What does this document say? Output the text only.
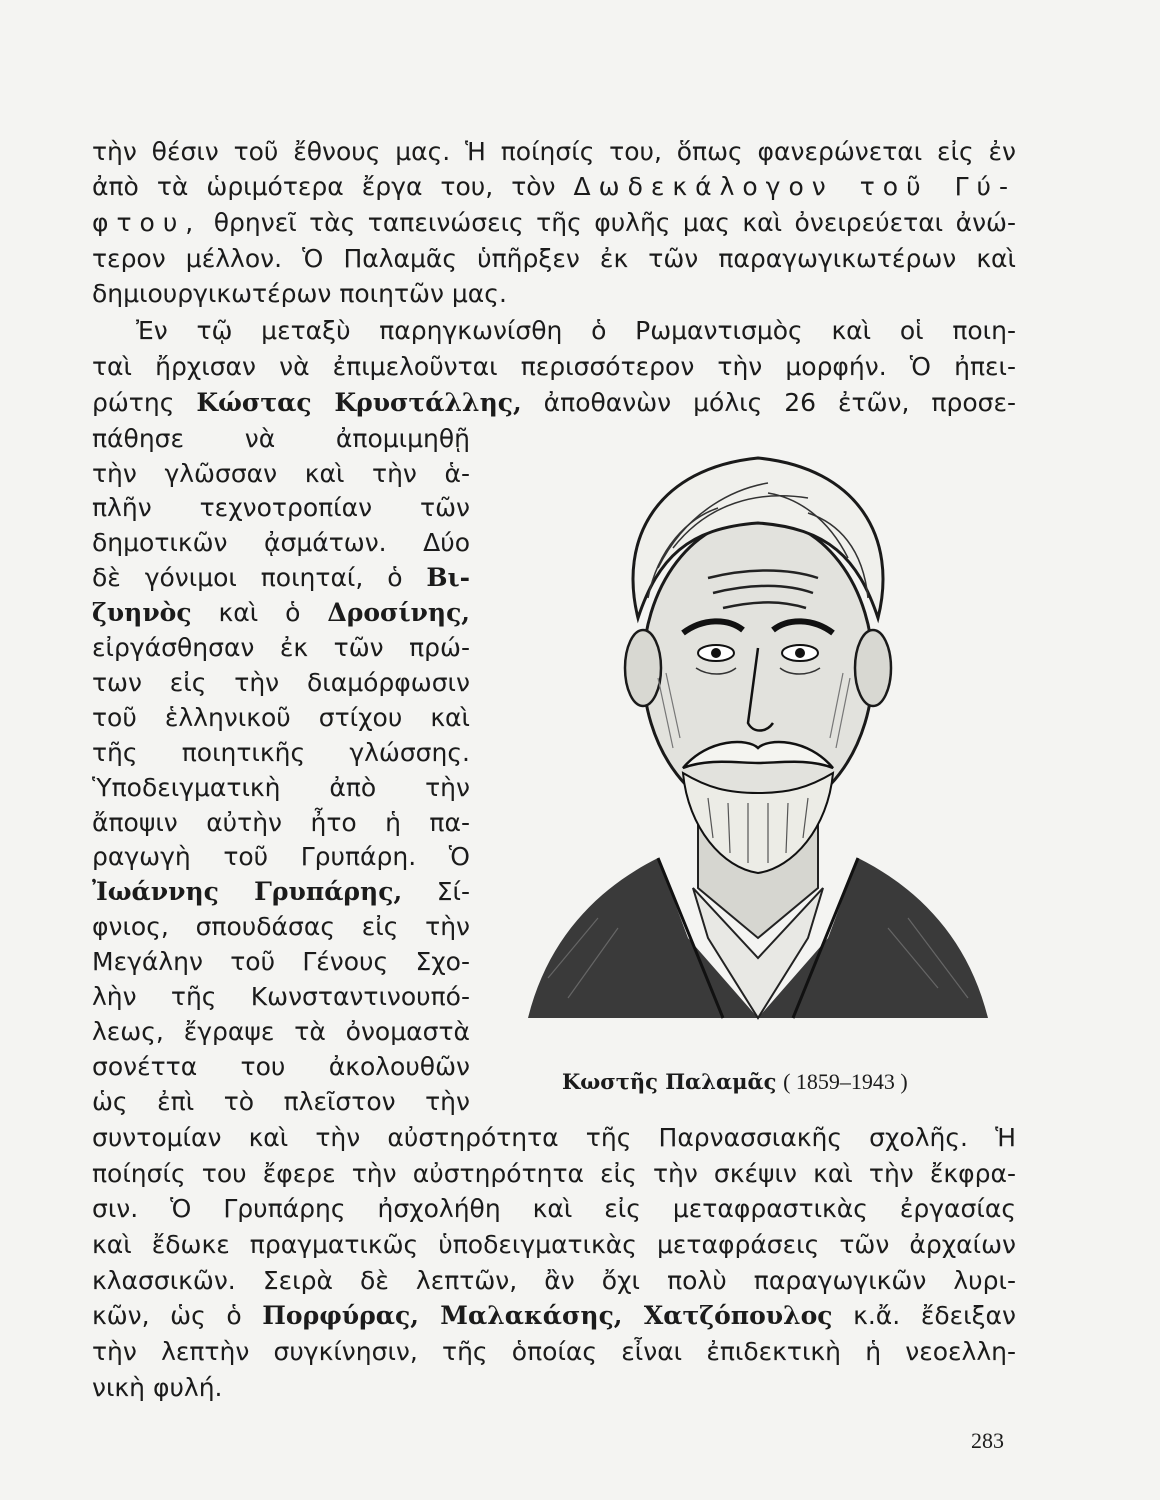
τὴν θέσιν τοῦ ἔθνους μας. Ἡ ποίησίς του, ὅπως φανερώνεται εἰς ἐν
ἀπὸ τὰ ὡριμότερα ἔργα του, τὸν Δωδεκάλογον τοῦ Γύ-
φτου, θρηνεῖ τὰς ταπεινώσεις τῆς φυλῆς μας καὶ ὀνειρεύεται ἀνώ-
τερον μέλλον. Ὁ Παλαμᾶς ὑπῆρξεν ἐκ τῶν παραγωγικωτέρων καὶ
δημιουργικωτέρων ποιητῶν μας.
Ἐν τῷ μεταξὺ παρηγκωνίσθη ὁ Ρωμαντισμὸς καὶ οἱ ποιη-
ταὶ ἤρχισαν νὰ ἐπιμελοῦνται περισσότερον τὴν μορφήν. Ὁ ἠπει-
ρώτης Κώστας Κρυστάλλης, ἀποθανὼν μόλις 26 ἐτῶν, προσε-
πάθησε νὰ ἀπομιμηθῇ
τὴν γλῶσσαν καὶ τὴν ἁ-
πλῆν τεχνοτροπίαν τῶν
δημοτικῶν ᾀσμάτων. Δύο
δὲ γόνιμοι ποιηταί, ὁ Βι-
ζυηνὸς καὶ ὁ Δροσίνης,
εἰργάσθησαν ἐκ τῶν πρώ-
των εἰς τὴν διαμόρφωσιν
τοῦ ἑλληνικοῦ στίχου καὶ
τῆς ποιητικῆς γλώσσης.
Ὑποδειγματικὴ ἀπὸ τὴν
ἄποψιν αὐτὴν ἦτο ἡ πα-
ραγωγὴ τοῦ Γρυπάρη. Ὁ
Ἰωάννης Γρυπάρης, Σί-
φνιος, σπουδάσας εἰς τὴν
Μεγάλην τοῦ Γένους Σχο-
λὴν τῆς Κωνσταντινουπό-
λεως, ἔγραψε τὰ ὀνομαστὰ
σονέττα του ἀκολουθῶν
ὡς ἐπὶ τὸ πλεῖστον τὴν
συντομίαν καὶ τὴν αὐστηρότητα τῆς Παρνασσιακῆς σχολῆς. Ἡ
ποίησίς του ἔφερε τὴν αὐστηρότητα εἰς τὴν σκέψιν καὶ τὴν ἔκφρα-
σιν. Ὁ Γρυπάρης ἠσχολήθη καὶ εἰς μεταφραστικὰς ἐργασίας
καὶ ἔδωκε πραγματικῶς ὑποδειγματικὰς μεταφράσεις τῶν ἀρχαίων
κλασσικῶν. Σειρὰ δὲ λεπτῶν, ἂν ὄχι πολὺ παραγωγικῶν λυρι-
κῶν, ὡς ὁ Πορφύρας, Μαλακάσης, Χατζόπουλος κ.ἄ. ἔδειξαν
τὴν λεπτὴν συγκίνησιν, τῆς ὁποίας εἶναι ἐπιδεκτικὴ ἡ νεοελλη-
νικὴ φυλή.
Κωστῆς Παλαμᾶς ( 1859–1943 )
283
